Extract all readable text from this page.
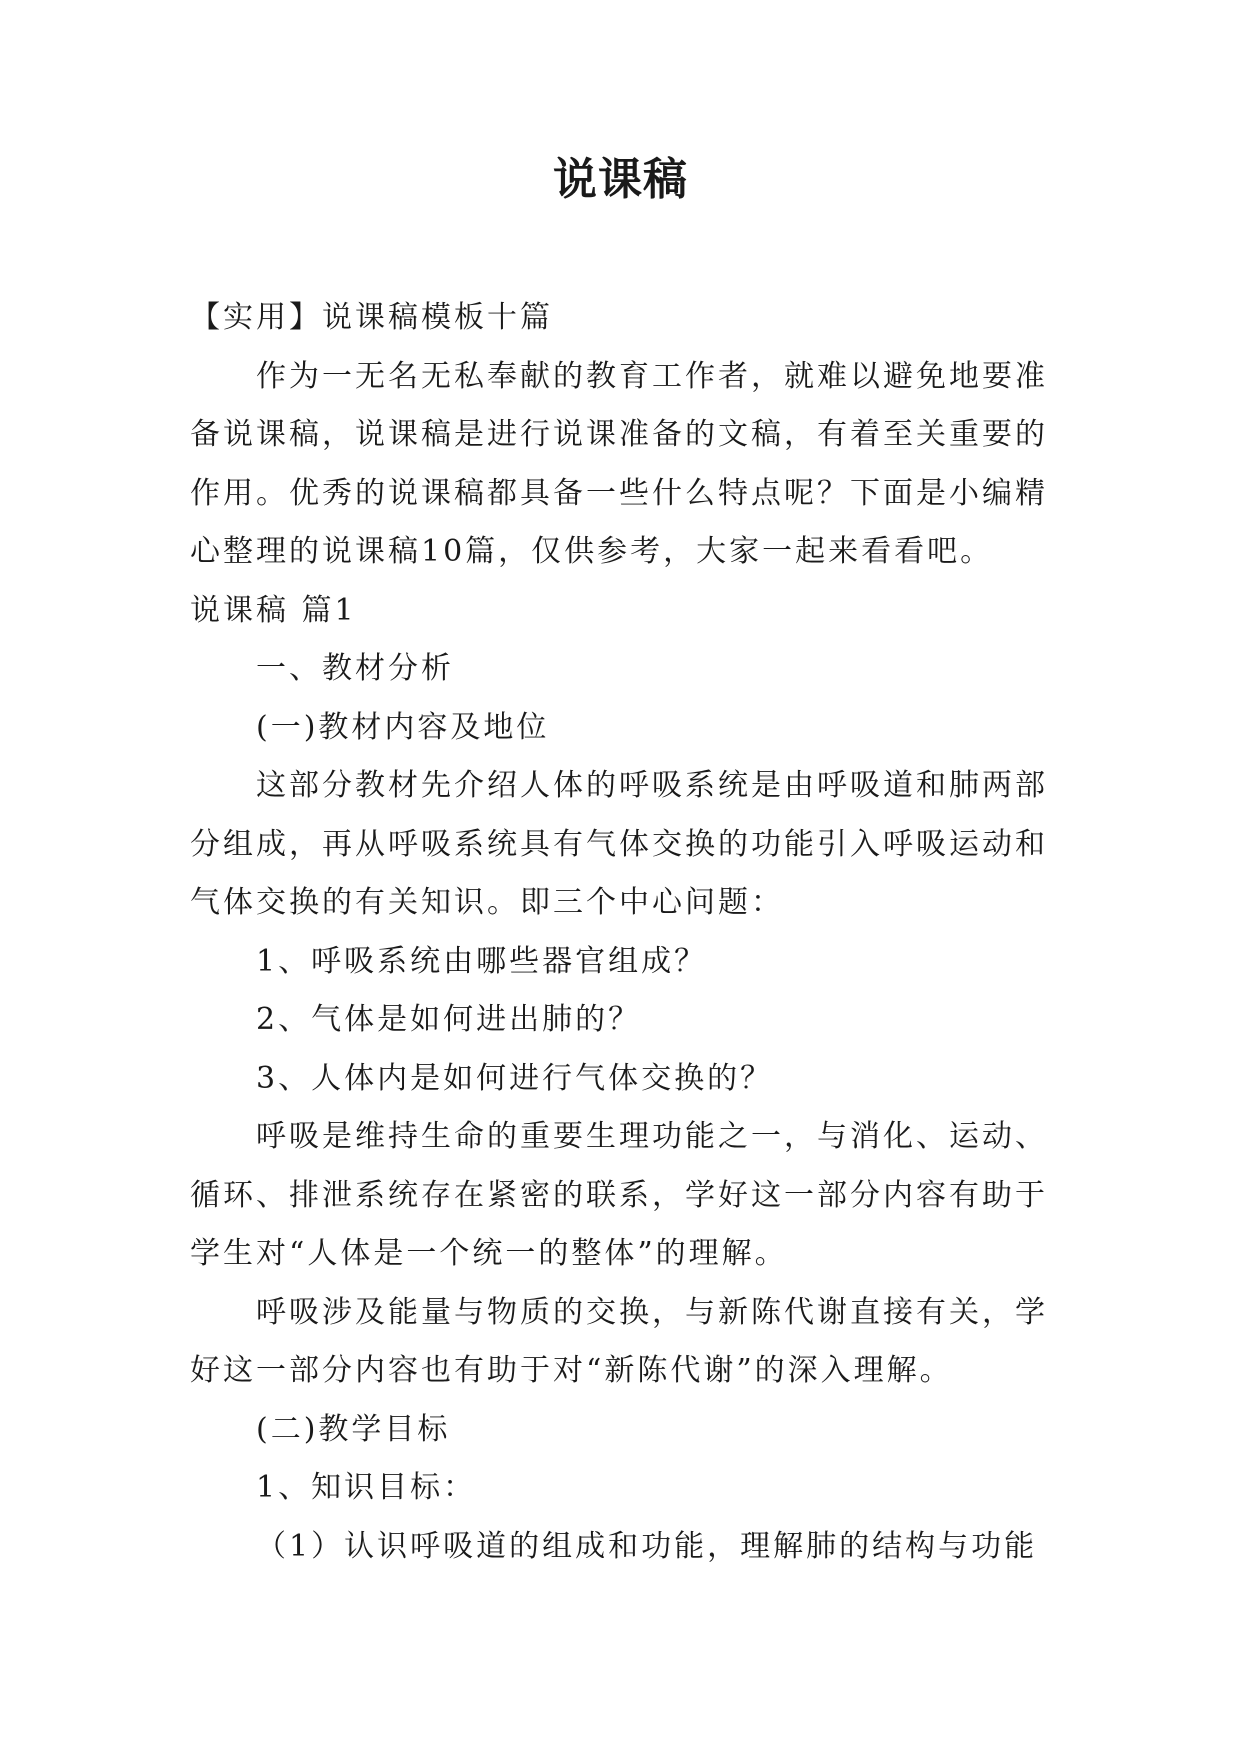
说课稿

【实用】说课稿模板十篇

作为一无名无私奉献的教育工作者，就难以避免地要准备说课稿，说课稿是进行说课准备的文稿，有着至关重要的作用。优秀的说课稿都具备一些什么特点呢？下面是小编精心整理的说课稿10篇，仅供参考，大家一起来看看吧。

说课稿 篇1

一、教材分析

(一)教材内容及地位

这部分教材先介绍人体的呼吸系统是由呼吸道和肺两部分组成，再从呼吸系统具有气体交换的功能引入呼吸运动和气体交换的有关知识。即三个中心问题：

1、呼吸系统由哪些器官组成？

2、气体是如何进出肺的？

3、人体内是如何进行气体交换的？

呼吸是维持生命的重要生理功能之一，与消化、运动、循环、排泄系统存在紧密的联系，学好这一部分内容有助于学生对“人体是一个统一的整体”的理解。

呼吸涉及能量与物质的交换，与新陈代谢直接有关，学好这一部分内容也有助于对“新陈代谢”的深入理解。

(二)教学目标

1、知识目标：

（1）认识呼吸道的组成和功能，理解肺的结构与功能
